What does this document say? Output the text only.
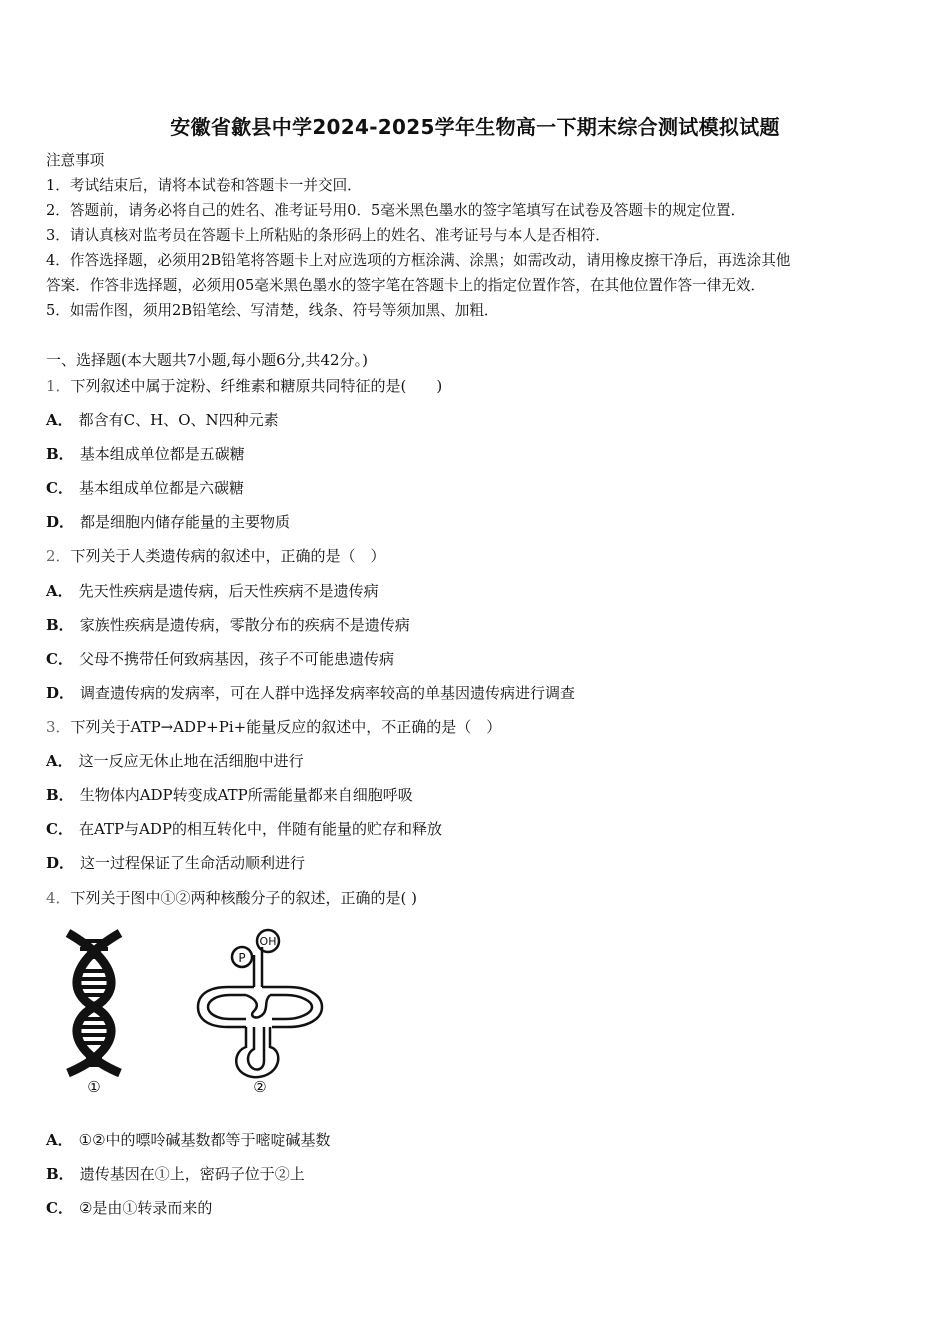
安徽省歙县中学2024-2025学年生物高一下期末综合测试模拟试题
注意事项
1．考试结束后，请将本试卷和答题卡一并交回．
2．答题前，请务必将自己的姓名、准考证号用0．5毫米黑色墨水的签字笔填写在试卷及答题卡的规定位置．
3．请认真核对监考员在答题卡上所粘贴的条形码上的姓名、准考证号与本人是否相符．
4．作答选择题，必须用2B铅笔将答题卡上对应选项的方框涂满、涂黑；如需改动，请用橡皮擦干净后，再选涂其他
答案．作答非选择题，必须用05毫米黑色墨水的签字笔在答题卡上的指定位置作答，在其他位置作答一律无效．
5．如需作图，须用2B铅笔绘、写清楚，线条、符号等须加黑、加粗．
一、选择题(本大题共7小题,每小题6分,共42分。)
1．下列叙述中属于淀粉、纤维素和糖原共同特征的是(　　)
A． 都含有C、H、O、N四种元素
B． 基本组成单位都是五碳糖
C． 基本组成单位都是六碳糖
D． 都是细胞内储存能量的主要物质
2．下列关于人类遗传病的叙述中，正确的是（　）
A． 先天性疾病是遗传病，后天性疾病不是遗传病
B． 家族性疾病是遗传病，零散分布的疾病不是遗传病
C． 父母不携带任何致病基因，孩子不可能患遗传病
D． 调查遗传病的发病率，可在人群中选择发病率较高的单基因遗传病进行调查
3．下列关于ATP→ADP+Pi+能量反应的叙述中，不正确的是（　）
A． 这一反应无休止地在活细胞中进行
B． 生物体内ADP转变成ATP所需能量都来自细胞呼吸
C． 在ATP与ADP的相互转化中，伴随有能量的贮存和释放
D． 这一过程保证了生命活动顺利进行
4．下列关于图中①②两种核酸分子的叙述，正确的是( )
①
P
OH
②
A． ①②中的嘌呤碱基数都等于嘧啶碱基数
B． 遗传基因在①上，密码子位于②上
C． ②是由①转录而来的
